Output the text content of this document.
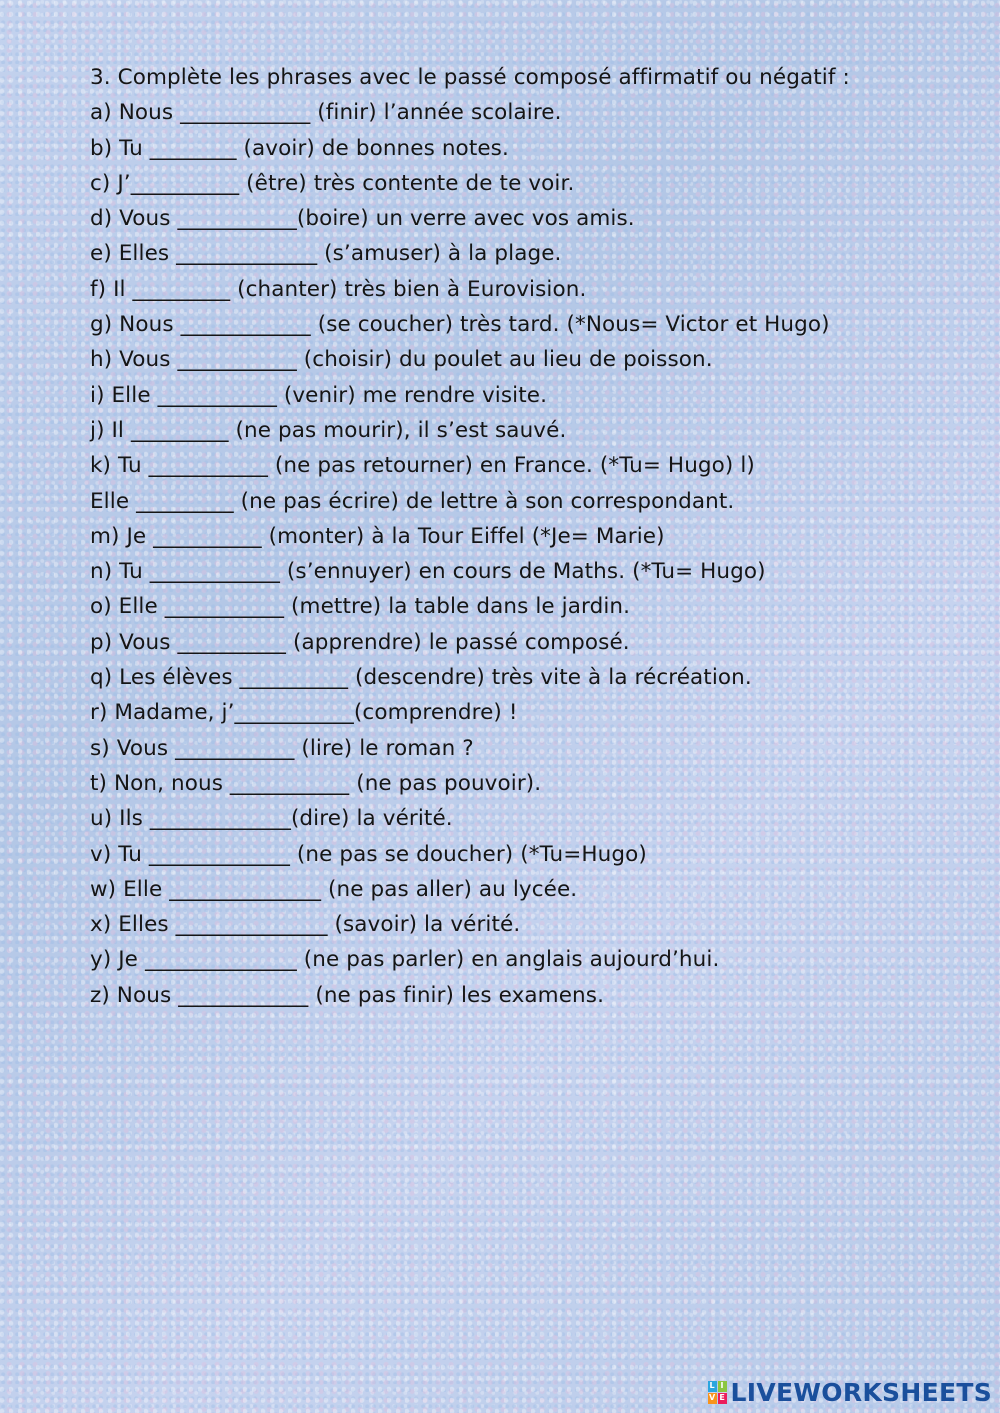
3. Complète les phrases avec le passé composé affirmatif ou négatif :
a) Nous ____________ (finir) l’année scolaire.
b) Tu ________ (avoir) de bonnes notes.
c) J’__________ (être) très contente de te voir.
d) Vous ___________(boire) un verre avec vos amis.
e) Elles _____________ (s’amuser) à la plage.
f) Il _________ (chanter) très bien à Eurovision.
g) Nous ____________ (se coucher) très tard. (*Nous= Victor et Hugo)
h) Vous ___________ (choisir) du poulet au lieu de poisson.
i) Elle ___________ (venir) me rendre visite.
j) Il _________ (ne pas mourir), il s’est sauvé.
k) Tu ___________ (ne pas retourner) en France. (*Tu= Hugo) l)
Elle _________ (ne pas écrire) de lettre à son correspondant.
m) Je __________ (monter) à la Tour Eiffel (*Je= Marie)
n) Tu ____________ (s’ennuyer) en cours de Maths. (*Tu= Hugo)
o) Elle ___________ (mettre) la table dans le jardin.
p) Vous __________ (apprendre) le passé composé.
q) Les élèves __________ (descendre) très vite à la récréation.
r) Madame, j’___________(comprendre) !
s) Vous ___________ (lire) le roman ?
t) Non, nous ___________ (ne pas pouvoir).
u) Ils _____________(dire) la vérité.
v) Tu _____________ (ne pas se doucher) (*Tu=Hugo)
w) Elle ______________ (ne pas aller) au lycée.
x) Elles ______________ (savoir) la vérité.
y) Je ______________ (ne pas parler) en anglais aujourd’hui.
z) Nous ____________ (ne pas finir) les examens.
L I
V E LIVEWORKSHEETS
